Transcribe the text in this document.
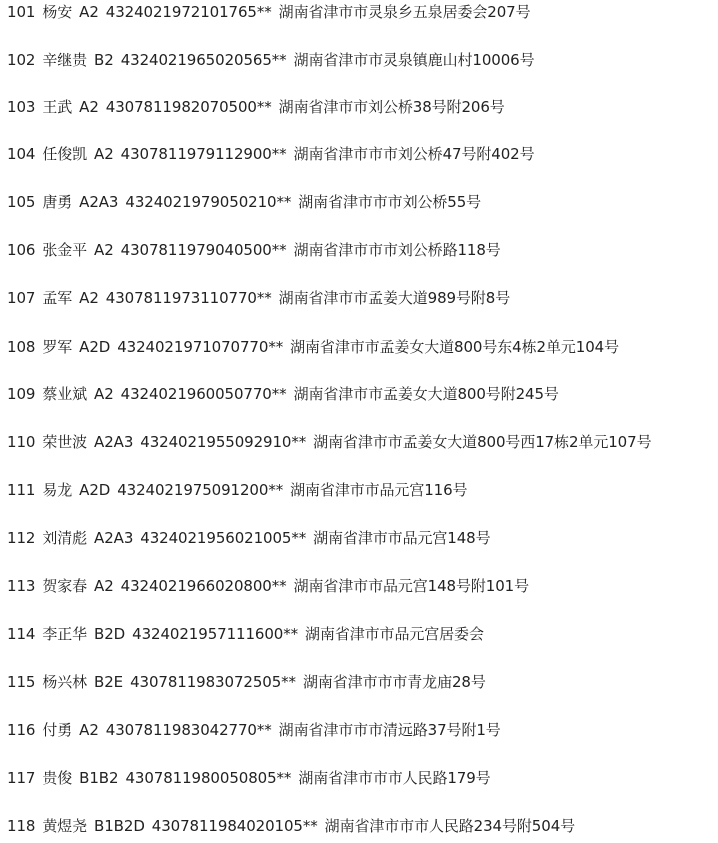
101 杨安 A2 4324021972101765** 湖南省津市市灵泉乡五泉居委会207号
102 辛继贵 B2 4324021965020565** 湖南省津市市灵泉镇鹿山村10006号
103 王武 A2 4307811982070500** 湖南省津市市刘公桥38号附206号
104 任俊凯 A2 4307811979112900** 湖南省津市市市刘公桥47号附402号
105 唐勇 A2A3 4324021979050210** 湖南省津市市市刘公桥55号
106 张金平 A2 4307811979040500** 湖南省津市市市刘公桥路118号
107 孟军 A2 4307811973110770** 湖南省津市市孟姜大道989号附8号
108 罗军 A2D 4324021971070770** 湖南省津市市孟姜女大道800号东4栋2单元104号
109 蔡业斌 A2 4324021960050770** 湖南省津市市孟姜女大道800号附245号
110 荣世波 A2A3 4324021955092910** 湖南省津市市孟姜女大道800号西17栋2单元107号
111 易龙 A2D 4324021975091200** 湖南省津市市品元宫116号
112 刘清彪 A2A3 4324021956021005** 湖南省津市市品元宫148号
113 贺家春 A2 4324021966020800** 湖南省津市市品元宫148号附101号
114 李正华 B2D 4324021957111600** 湖南省津市市品元宫居委会
115 杨兴林 B2E 4307811983072505** 湖南省津市市市青龙庙28号
116 付勇 A2 4307811983042770** 湖南省津市市市清远路37号附1号
117 贵俊 B1B2 4307811980050805** 湖南省津市市市人民路179号
118 黄煜尧 B1B2D 4307811984020105** 湖南省津市市市人民路234号附504号
